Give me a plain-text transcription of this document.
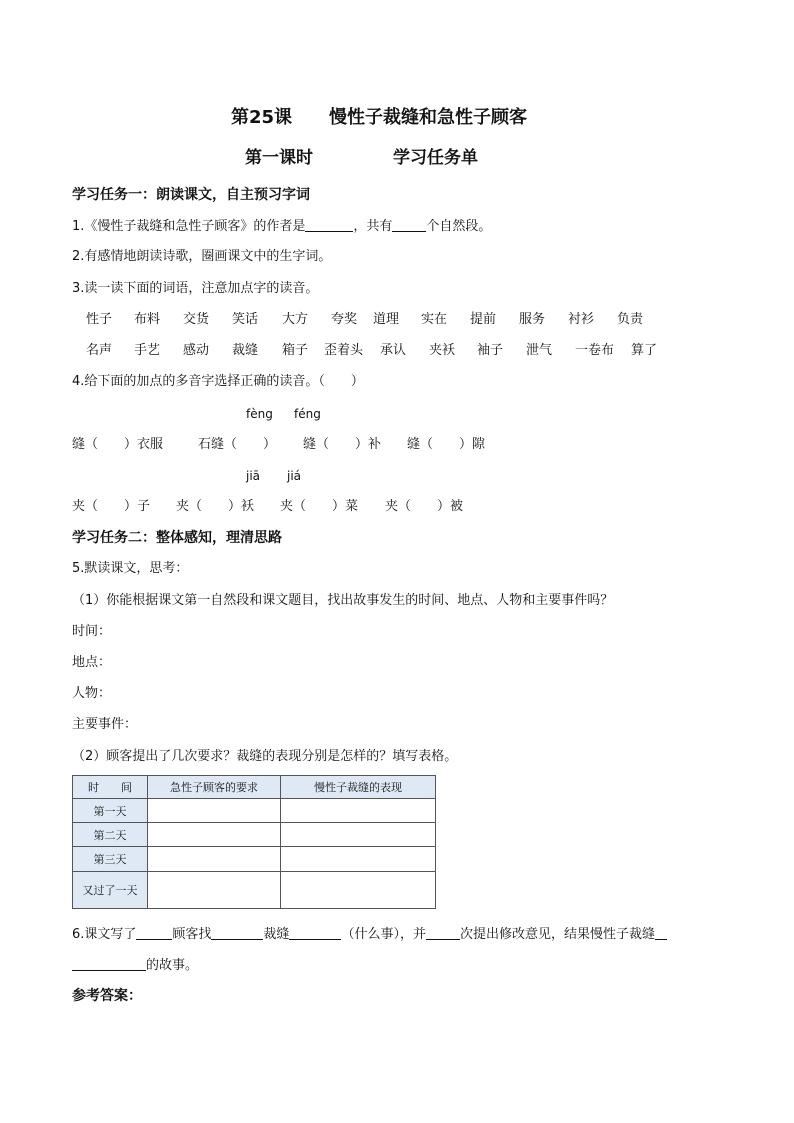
第25课 慢性子裁缝和急性子顾客
第一课时	学习任务单
学习任务一：朗读课文，自主预习字词
1.《慢性子裁缝和急性子顾客》的作者是	，共有	个自然段。
2.有感情地朗读诗歌，圈画课文中的生字词。
3.读一读下面的词语，注意加点字的读音。
性子 布料 交货 笑话 大方 夸奖 道理 实在 提前 服务 衬衫 负责
名声 手艺 感动 裁缝 箱子 歪着头 承认 夹袄 袖子 泄气 一卷布 算了
4.给下面的加点的多音字选择正确的读音。（　　）
fèng féng
缝（　　）衣服	石缝（　　） 缝（　　）补 缝（　　）隙
jiā jiá
夹（　　）子 夹（　　）袄 夹（　　）菜 夹（　　）被
学习任务二：整体感知，理清思路
5.默读课文，思考：
（1）你能根据课文第一自然段和课文题目，找出故事发生的时间、地点、人物和主要事件吗？
时间：
地点：
人物：
主要事件：
（2）顾客提出了几次要求？裁缝的表现分别是怎样的？填写表格。
时　　间	急性子顾客的要求	慢性子裁缝的表现
第一天		
第二天		
第三天		
又过了一天		
6.课文写了	顾客找	裁缝	（什么事），并	次提出修改意见，结果慢性子裁缝
的故事。
参考答案：
